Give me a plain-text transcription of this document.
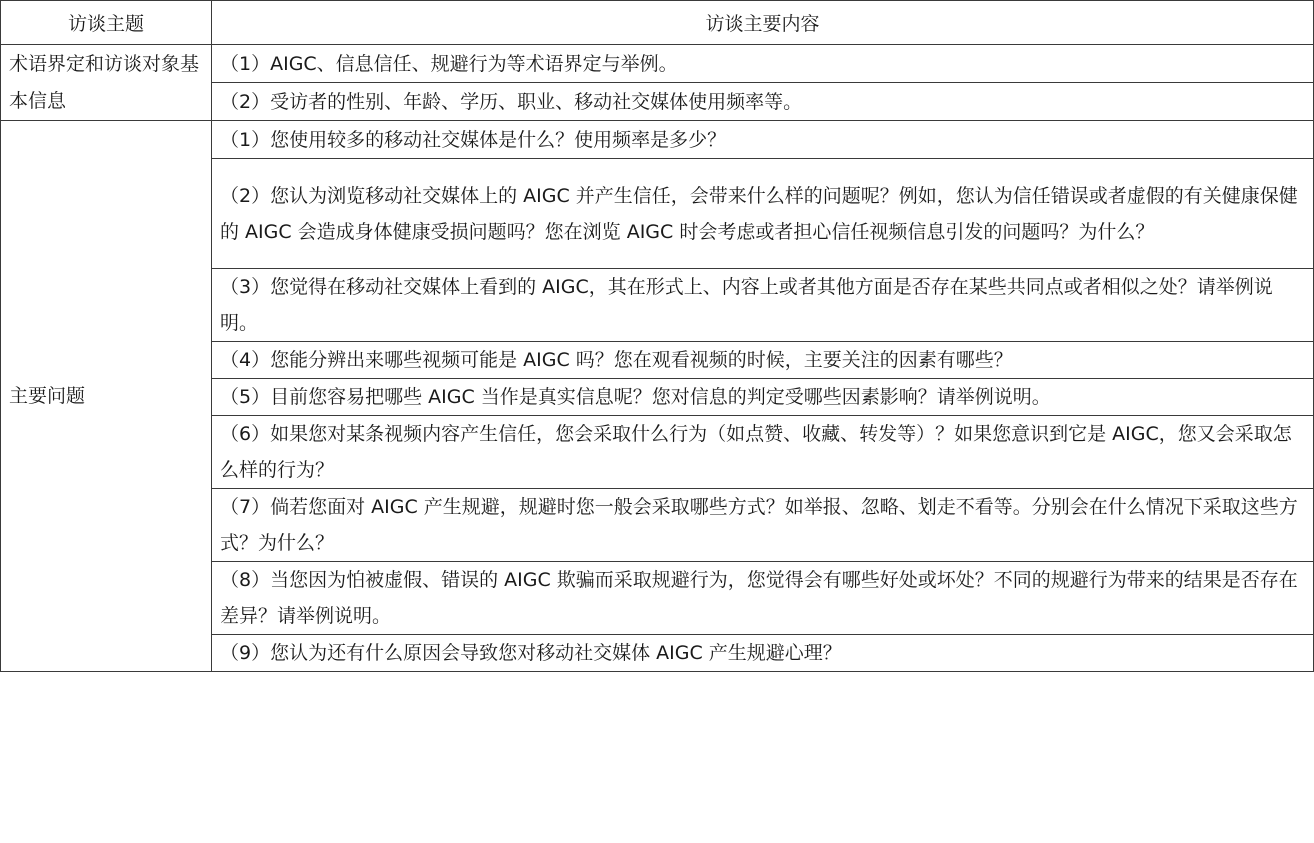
访谈主题	访谈主要内容
术语界定和访谈对象基本信息	（1）AIGC、信息信任、规避行为等术语界定与举例。
	（2）受访者的性别、年龄、学历、职业、移动社交媒体使用频率等。
主要问题	（1）您使用较多的移动社交媒体是什么？使用频率是多少？
	（2）您认为浏览移动社交媒体上的 AIGC 并产生信任，会带来什么样的问题呢？例如，您认为信任错误或者虚假的有关健康保健的 AIGC 会造成身体健康受损问题吗？您在浏览 AIGC 时会考虑或者担心信任视频信息引发的问题吗？为什么？
	（3）您觉得在移动社交媒体上看到的 AIGC，其在形式上、内容上或者其他方面是否存在某些共同点或者相似之处？请举例说明。
	（4）您能分辨出来哪些视频可能是 AIGC 吗？您在观看视频的时候，主要关注的因素有哪些？
	（5）目前您容易把哪些 AIGC 当作是真实信息呢？您对信息的判定受哪些因素影响？请举例说明。
	（6）如果您对某条视频内容产生信任，您会采取什么行为（如点赞、收藏、转发等）？如果您意识到它是 AIGC，您又会采取怎么样的行为？
	（7）倘若您面对 AIGC 产生规避，规避时您一般会采取哪些方式？如举报、忽略、划走不看等。分别会在什么情况下采取这些方式？为什么？
	（8）当您因为怕被虚假、错误的 AIGC 欺骗而采取规避行为，您觉得会有哪些好处或坏处？不同的规避行为带来的结果是否存在差异？请举例说明。
	（9）您认为还有什么原因会导致您对移动社交媒体 AIGC 产生规避心理？
